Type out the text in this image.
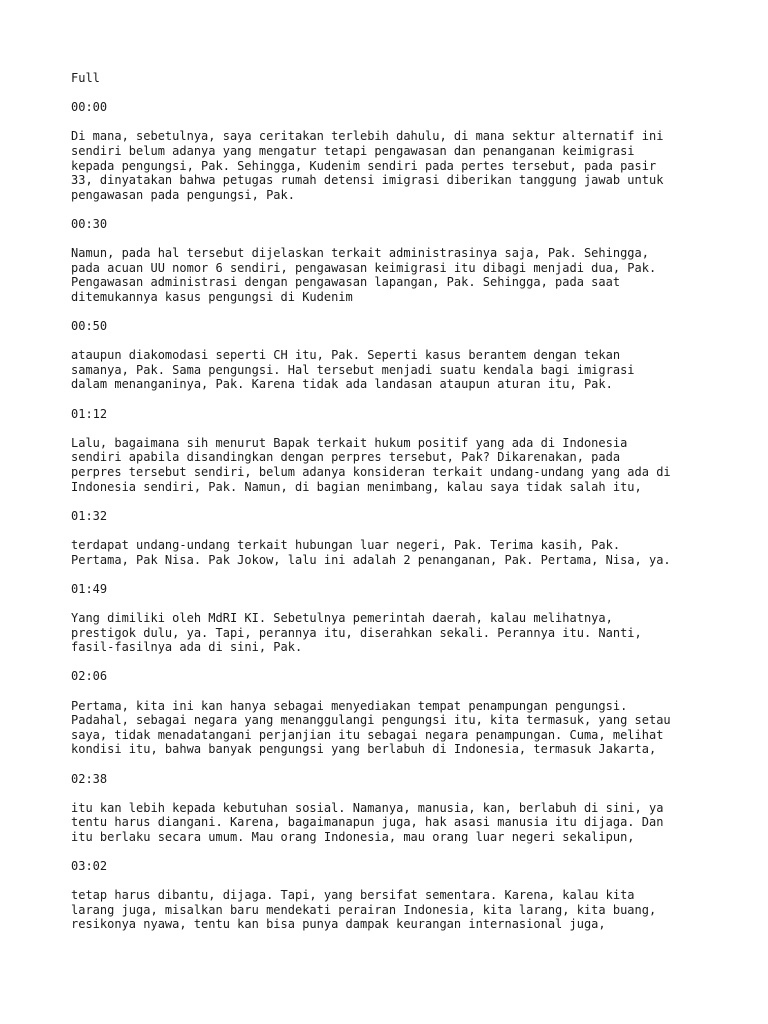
Full
00:00
Di mana, sebetulnya, saya ceritakan terlebih dahulu, di mana sektur alternatif ini
sendiri belum adanya yang mengatur tetapi pengawasan dan penanganan keimigrasi
kepada pengungsi, Pak. Sehingga, Kudenim sendiri pada pertes tersebut, pada pasir
33, dinyatakan bahwa petugas rumah detensi imigrasi diberikan tanggung jawab untuk
pengawasan pada pengungsi, Pak.
00:30
Namun, pada hal tersebut dijelaskan terkait administrasinya saja, Pak. Sehingga,
pada acuan UU nomor 6 sendiri, pengawasan keimigrasi itu dibagi menjadi dua, Pak.
Pengawasan administrasi dengan pengawasan lapangan, Pak. Sehingga, pada saat
ditemukannya kasus pengungsi di Kudenim
00:50
ataupun diakomodasi seperti CH itu, Pak. Seperti kasus berantem dengan tekan
samanya, Pak. Sama pengungsi. Hal tersebut menjadi suatu kendala bagi imigrasi
dalam menanganinya, Pak. Karena tidak ada landasan ataupun aturan itu, Pak.
01:12
Lalu, bagaimana sih menurut Bapak terkait hukum positif yang ada di Indonesia
sendiri apabila disandingkan dengan perpres tersebut, Pak? Dikarenakan, pada
perpres tersebut sendiri, belum adanya konsideran terkait undang-undang yang ada di
Indonesia sendiri, Pak. Namun, di bagian menimbang, kalau saya tidak salah itu,
01:32
terdapat undang-undang terkait hubungan luar negeri, Pak. Terima kasih, Pak.
Pertama, Pak Nisa. Pak Jokow, lalu ini adalah 2 penanganan, Pak. Pertama, Nisa, ya.
01:49
Yang dimiliki oleh MdRI KI. Sebetulnya pemerintah daerah, kalau melihatnya,
prestigok dulu, ya. Tapi, perannya itu, diserahkan sekali. Perannya itu. Nanti,
fasil-fasilnya ada di sini, Pak.
02:06
Pertama, kita ini kan hanya sebagai menyediakan tempat penampungan pengungsi.
Padahal, sebagai negara yang menanggulangi pengungsi itu, kita termasuk, yang setau
saya, tidak menadatangani perjanjian itu sebagai negara penampungan. Cuma, melihat
kondisi itu, bahwa banyak pengungsi yang berlabuh di Indonesia, termasuk Jakarta,
02:38
itu kan lebih kepada kebutuhan sosial. Namanya, manusia, kan, berlabuh di sini, ya
tentu harus diangani. Karena, bagaimanapun juga, hak asasi manusia itu dijaga. Dan
itu berlaku secara umum. Mau orang Indonesia, mau orang luar negeri sekalipun,
03:02
tetap harus dibantu, dijaga. Tapi, yang bersifat sementara. Karena, kalau kita
larang juga, misalkan baru mendekati perairan Indonesia, kita larang, kita buang,
resikonya nyawa, tentu kan bisa punya dampak keurangan internasional juga,
